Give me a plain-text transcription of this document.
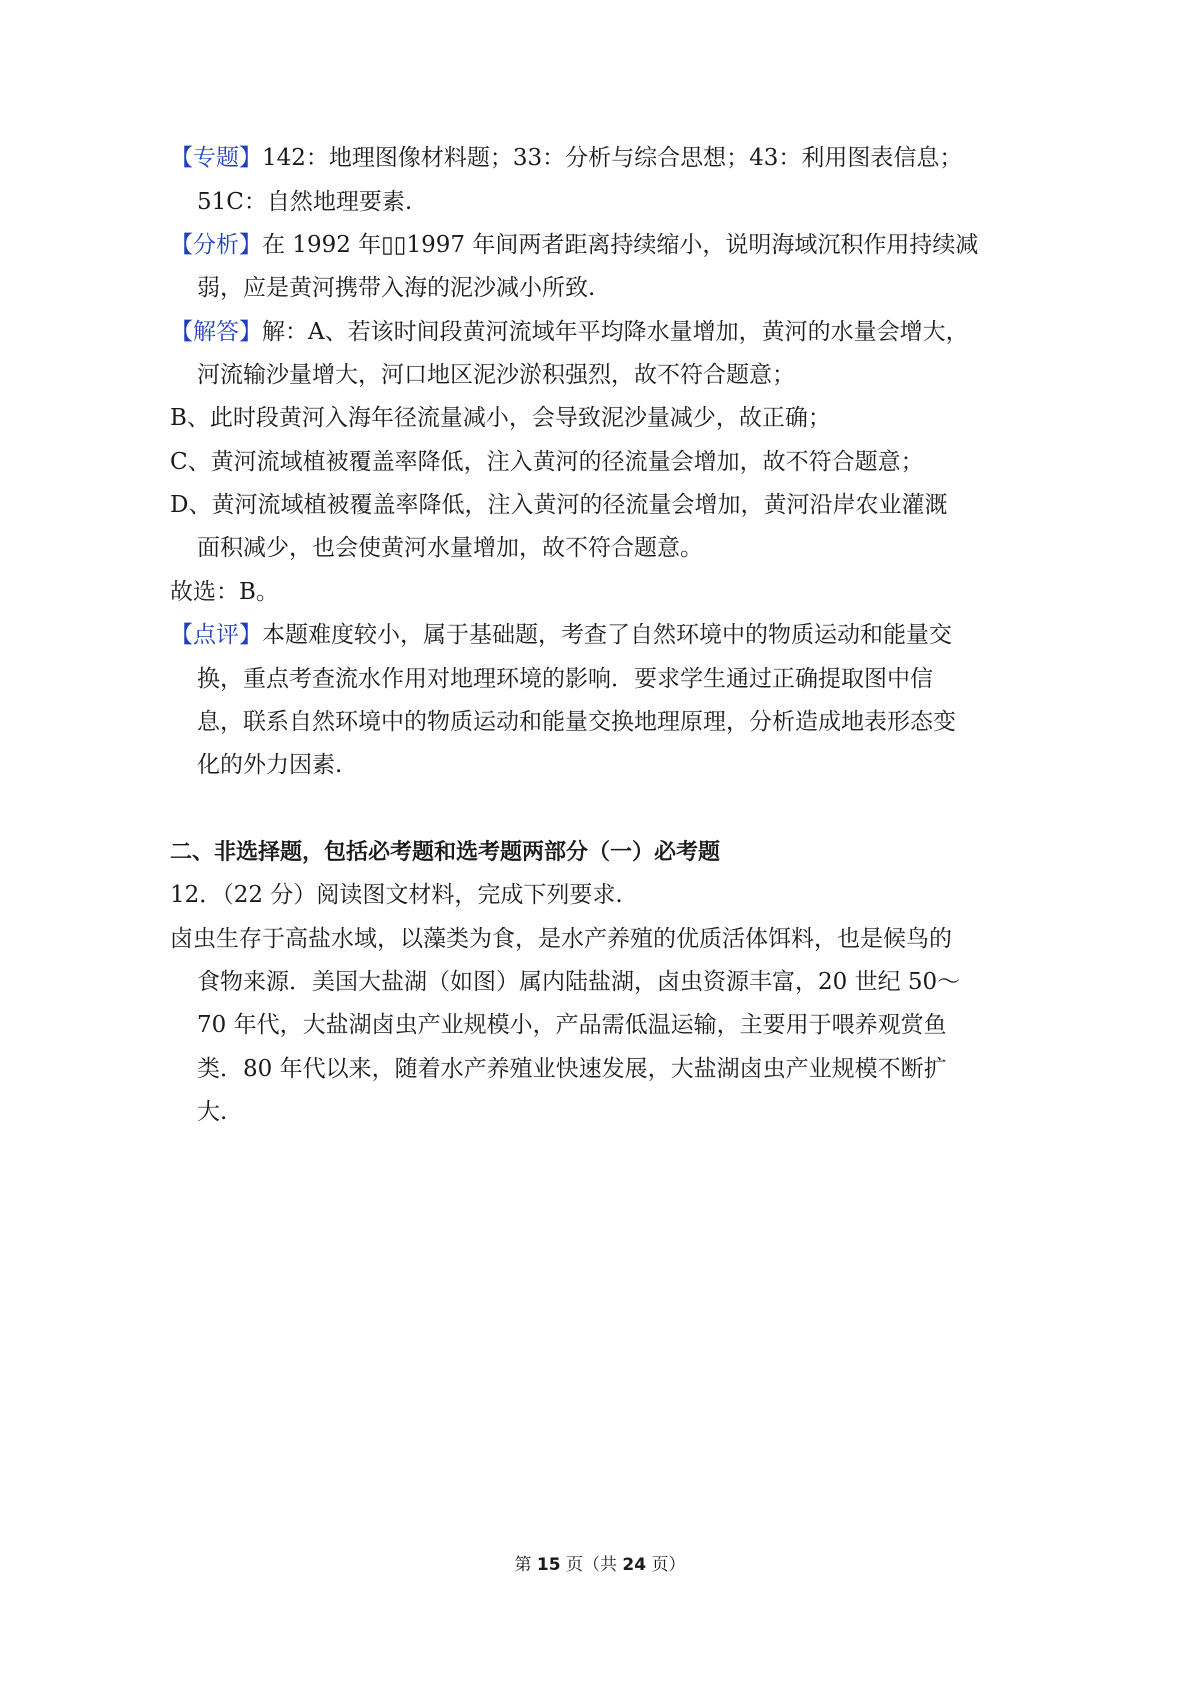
【专题】142：地理图像材料题；33：分析与综合思想；43：利用图表信息；
51C：自然地理要素.
【分析】在 1992 年▯▯1997 年间两者距离持续缩小，说明海域沉积作用持续减
弱，应是黄河携带入海的泥沙减小所致.
【解答】解：A、若该时间段黄河流域年平均降水量增加，黄河的水量会增大，
河流输沙量增大，河口地区泥沙淤积强烈，故不符合题意；
B、此时段黄河入海年径流量减小，会导致泥沙量减少，故正确；
C、黄河流域植被覆盖率降低，注入黄河的径流量会增加，故不符合题意；
D、黄河流域植被覆盖率降低，注入黄河的径流量会增加，黄河沿岸农业灌溉
面积减少，也会使黄河水量增加，故不符合题意。
故选：B。
【点评】本题难度较小，属于基础题，考查了自然环境中的物质运动和能量交
换，重点考查流水作用对地理环境的影响．要求学生通过正确提取图中信
息，联系自然环境中的物质运动和能量交换地理原理，分析造成地表形态变
化的外力因素.
二、非选择题，包括必考题和选考题两部分（一）必考题
12．（22 分）阅读图文材料，完成下列要求.
卤虫生存于高盐水域，以藻类为食，是水产养殖的优质活体饵料，也是候鸟的
食物来源．美国大盐湖（如图）属内陆盐湖，卤虫资源丰富，20 世纪 50～
70 年代，大盐湖卤虫产业规模小，产品需低温运输，主要用于喂养观赏鱼
类．80 年代以来，随着水产养殖业快速发展，大盐湖卤虫产业规模不断扩
大.
第 15 页（共 24 页）
